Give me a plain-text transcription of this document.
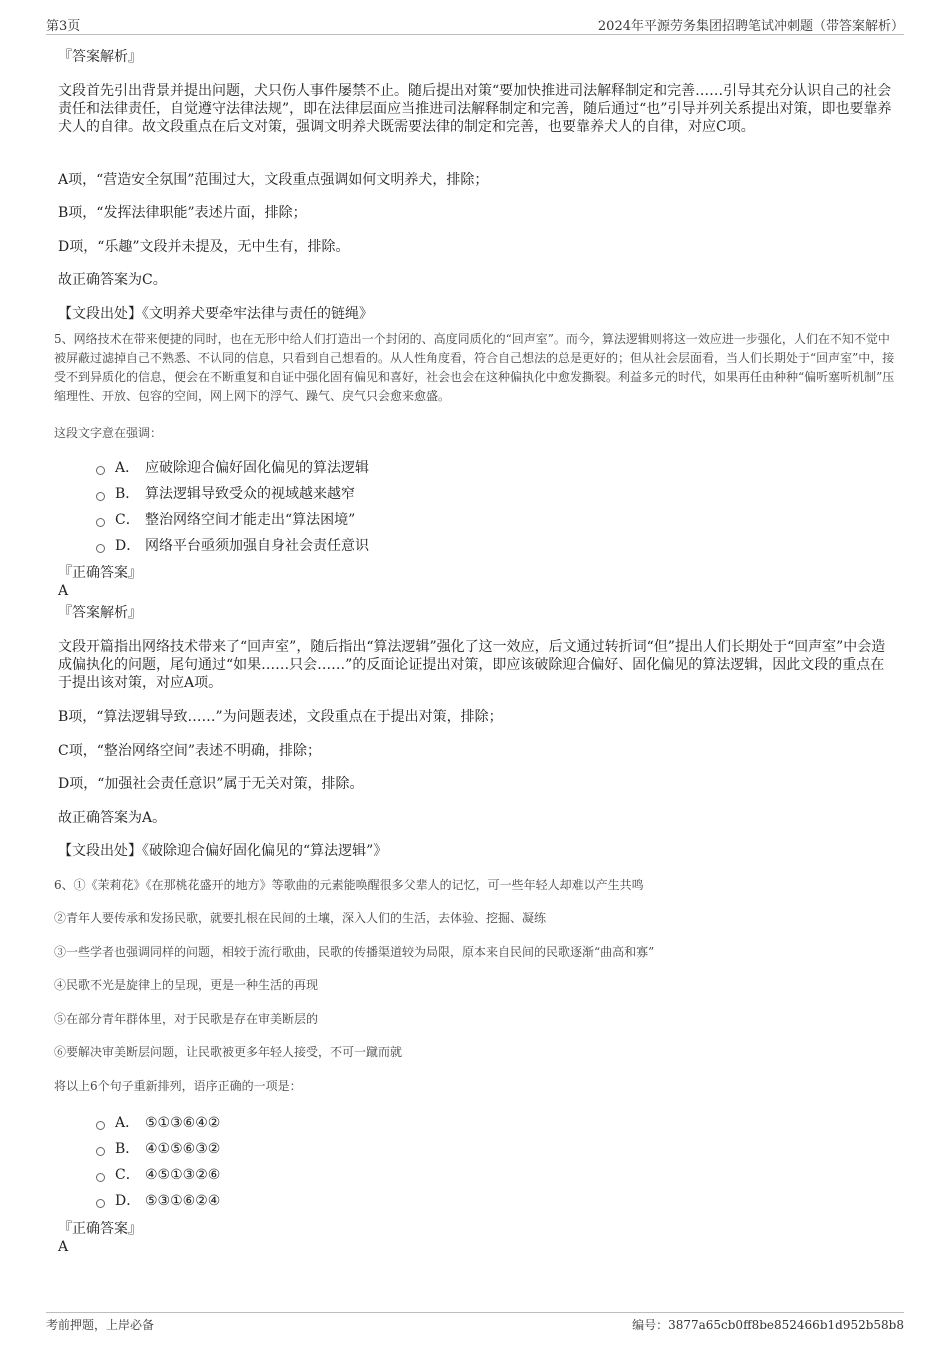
第3页	2024年平源劳务集团招聘笔试冲刺题（带答案解析）

『答案解析』

文段首先引出背景并提出问题，犬只伤人事件屡禁不止。随后提出对策“要加快推进司法解释制定和完善……引导其充分认识自己的社会责任和法律责任，自觉遵守法律法规”，即在法律层面应当推进司法解释制定和完善，随后通过“也”引导并列关系提出对策，即也要靠养犬人的自律。故文段重点在后文对策，强调文明养犬既需要法律的制定和完善，也要靠养犬人的自律，对应C项。

A项，“营造安全氛围”范围过大，文段重点强调如何文明养犬，排除；

B项，“发挥法律职能”表述片面，排除；

D项，“乐趣”文段并未提及，无中生有，排除。

故正确答案为C。

【文段出处】《文明养犬要牵牢法律与责任的链绳》

5、网络技术在带来便捷的同时，也在无形中给人们打造出一个封闭的、高度同质化的“回声室”。而今，算法逻辑则将这一效应进一步强化，人们在不知不觉中被屏蔽过滤掉自己不熟悉、不认同的信息，只看到自己想看的。从人性角度看，符合自己想法的总是更好的；但从社会层面看，当人们长期处于“回声室”中，接受不到异质化的信息，便会在不断重复和自证中强化固有偏见和喜好，社会也会在这种偏执化中愈发撕裂。利益多元的时代，如果再任由种种“偏听塞听机制”压缩理性、开放、包容的空间，网上网下的浮气、躁气、戾气只会愈来愈盛。

这段文字意在强调：

A． 应破除迎合偏好固化偏见的算法逻辑
B． 算法逻辑导致受众的视域越来越窄
C． 整治网络空间才能走出“算法困境”
D． 网络平台亟须加强自身社会责任意识

『正确答案』

A

『答案解析』

文段开篇指出网络技术带来了“回声室”，随后指出“算法逻辑”强化了这一效应，后文通过转折词“但”提出人们长期处于“回声室”中会造成偏执化的问题，尾句通过“如果……只会……”的反面论证提出对策，即应该破除迎合偏好、固化偏见的算法逻辑，因此文段的重点在于提出该对策，对应A项。

B项，“算法逻辑导致……”为问题表述，文段重点在于提出对策，排除；

C项，“整治网络空间”表述不明确，排除；

D项，“加强社会责任意识”属于无关对策，排除。

故正确答案为A。

【文段出处】《破除迎合偏好固化偏见的“算法逻辑”》

6、①《茉莉花》《在那桃花盛开的地方》等歌曲的元素能唤醒很多父辈人的记忆，可一些年轻人却难以产生共鸣

②青年人要传承和发扬民歌，就要扎根在民间的土壤，深入人们的生活，去体验、挖掘、凝练

③一些学者也强调同样的问题，相较于流行歌曲，民歌的传播渠道较为局限，原本来自民间的民歌逐渐“曲高和寡”

④民歌不光是旋律上的呈现，更是一种生活的再现

⑤在部分青年群体里，对于民歌是存在审美断层的

⑥要解决审美断层问题，让民歌被更多年轻人接受，不可一蹴而就

将以上6个句子重新排列，语序正确的一项是：

A． ⑤①③⑥④②
B． ④①⑤⑥③②
C． ④⑤①③②⑥
D． ⑤③①⑥②④

『正确答案』

A

考前押题，上岸必备	编号：3877a65cb0ff8be852466b1d952b58b8
